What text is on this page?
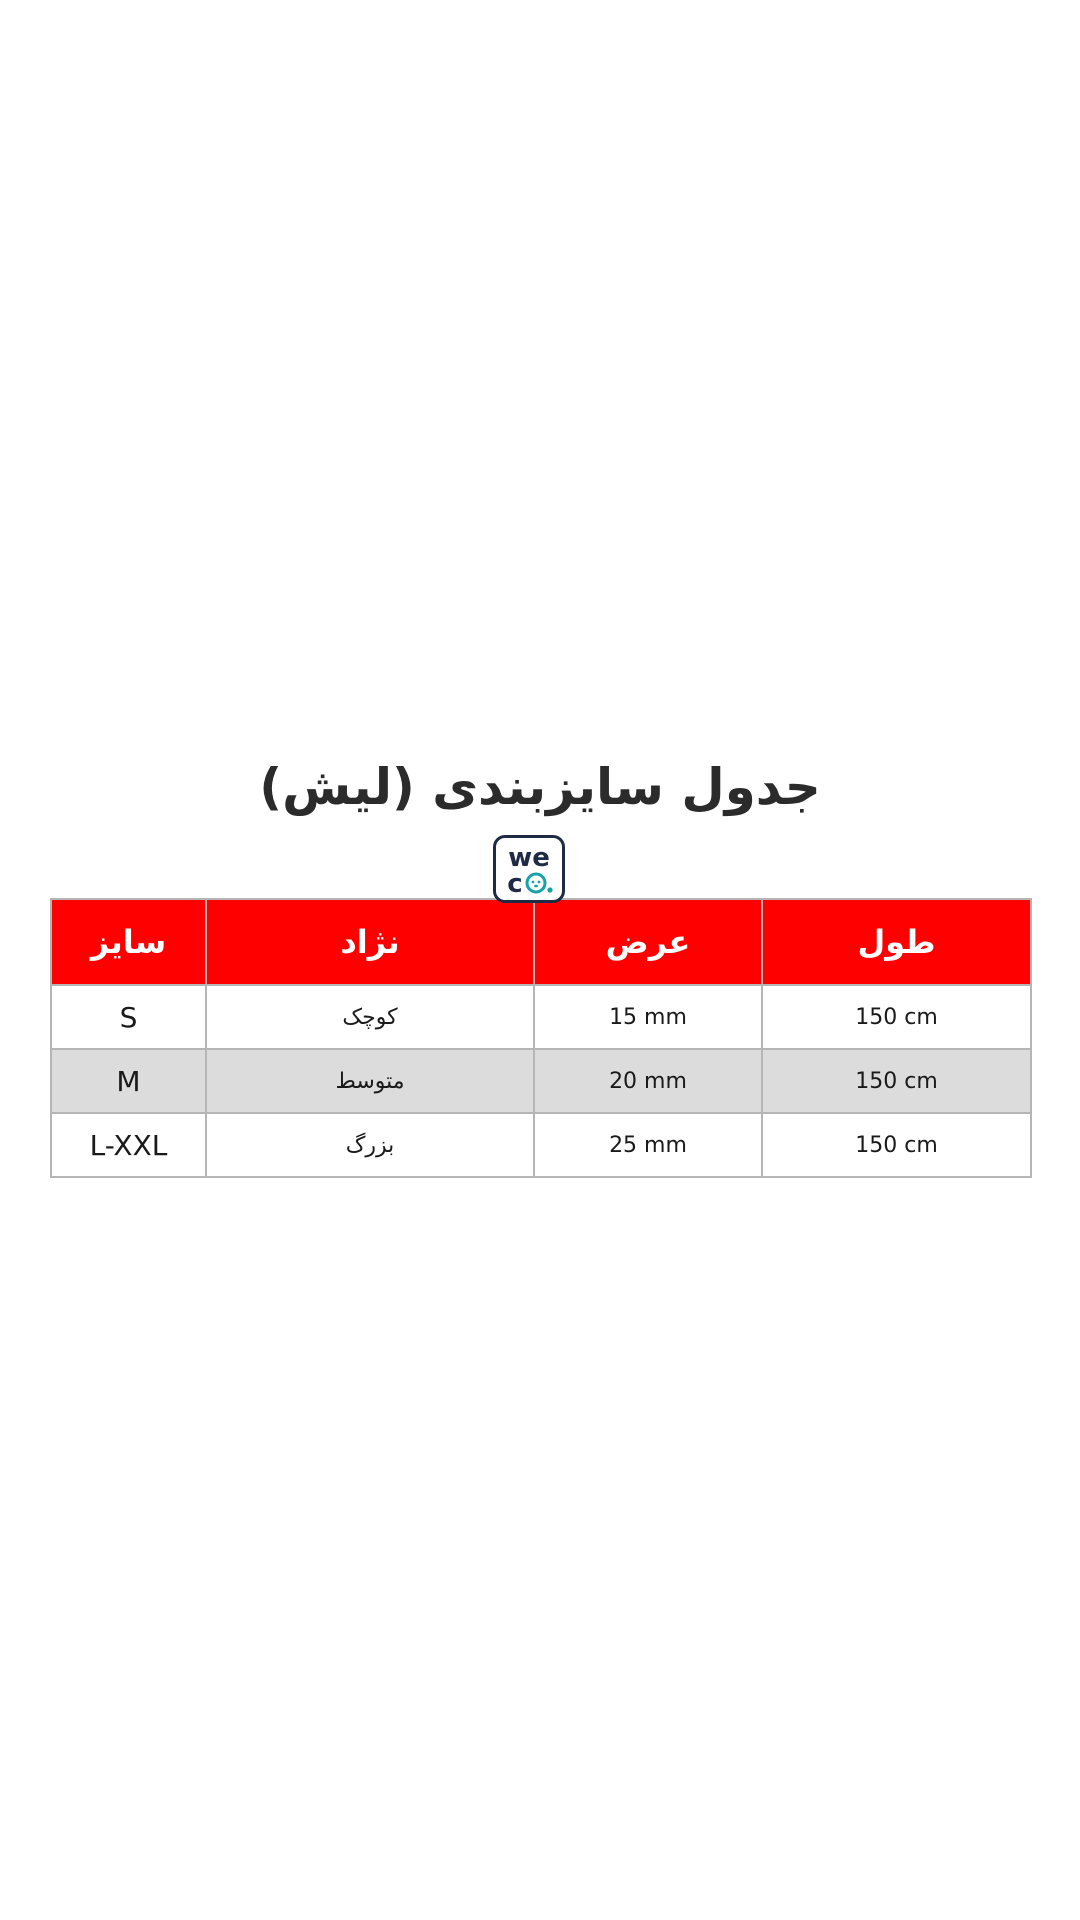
جدول سایزبندی (لیش)
we
c
سایز	نژاد	عرض	طول
S	کوچک	15 mm	150 cm
M	متوسط	20 mm	150 cm
L-XXL	بزرگ	25 mm	150 cm
